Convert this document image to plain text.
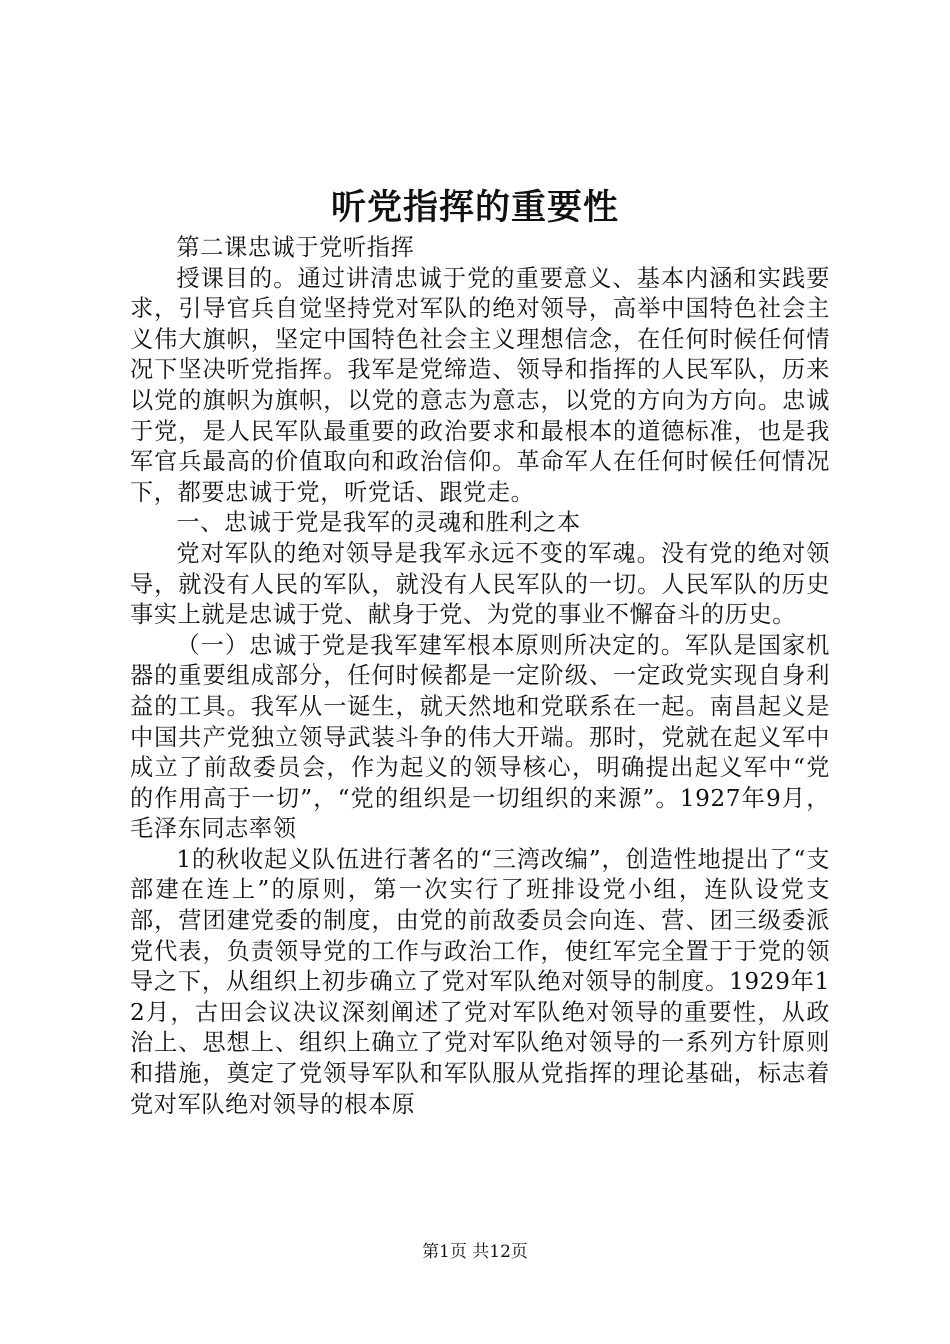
听党指挥的重要性

第二课忠诚于党听指挥

授课目的。通过讲清忠诚于党的重要意义、基本内涵和实践要求，引导官兵自觉坚持党对军队的绝对领导，高举中国特色社会主义伟大旗帜，坚定中国特色社会主义理想信念，在任何时候任何情况下坚决听党指挥。我军是党缔造、领导和指挥的人民军队，历来以党的旗帜为旗帜，以党的意志为意志，以党的方向为方向。忠诚于党，是人民军队最重要的政治要求和最根本的道德标准，也是我军官兵最高的价值取向和政治信仰。革命军人在任何时候任何情况下，都要忠诚于党，听党话、跟党走。

一、忠诚于党是我军的灵魂和胜利之本

党对军队的绝对领导是我军永远不变的军魂。没有党的绝对领导，就没有人民的军队，就没有人民军队的一切。人民军队的历史事实上就是忠诚于党、献身于党、为党的事业不懈奋斗的历史。

（一）忠诚于党是我军建军根本原则所决定的。军队是国家机器的重要组成部分，任何时候都是一定阶级、一定政党实现自身利益的工具。我军从一诞生，就天然地和党联系在一起。南昌起义是中国共产党独立领导武装斗争的伟大开端。那时，党就在起义军中成立了前敌委员会，作为起义的领导核心，明确提出起义军中“党的作用高于一切”，“党的组织是一切组织的来源”。1927年9月，毛泽东同志率领

1的秋收起义队伍进行著名的“三湾改编”，创造性地提出了“支部建在连上”的原则，第一次实行了班排设党小组，连队设党支部，营团建党委的制度，由党的前敌委员会向连、营、团三级委派党代表，负责领导党的工作与政治工作，使红军完全置于于党的领导之下，从组织上初步确立了党对军队绝对领导的制度。1929年12月，古田会议决议深刻阐述了党对军队绝对领导的重要性，从政治上、思想上、组织上确立了党对军队绝对领导的一系列方针原则和措施，奠定了党领导军队和军队服从党指挥的理论基础，标志着党对军队绝对领导的根本原

第1页 共12页
